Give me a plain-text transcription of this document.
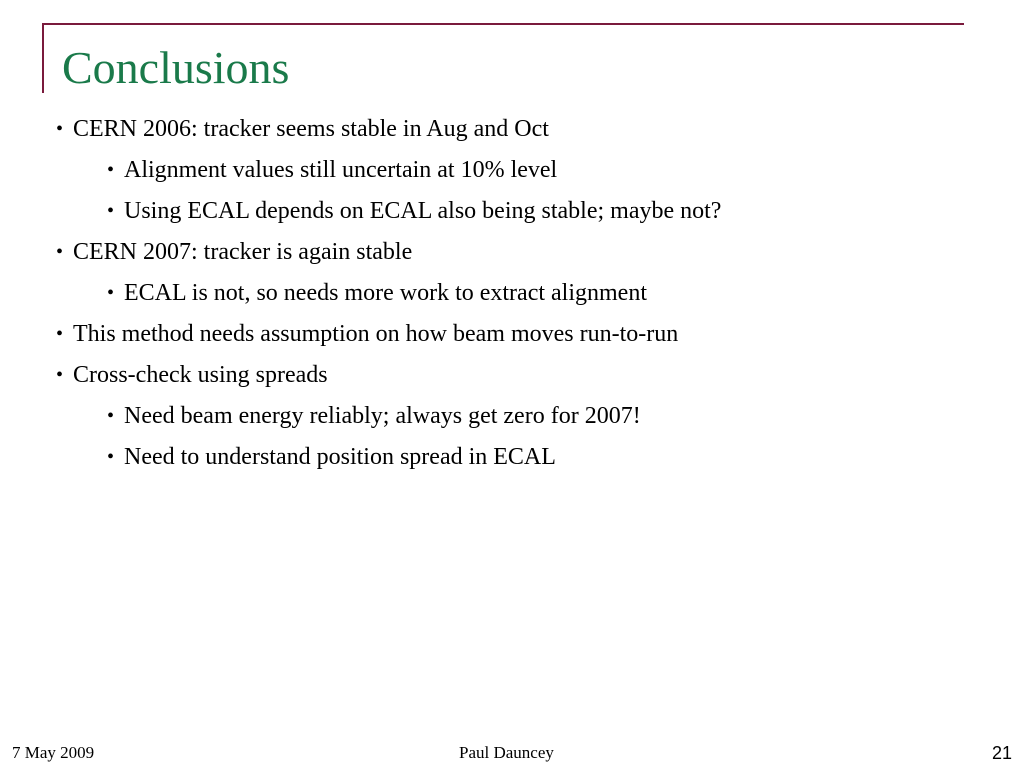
Conclusions
• CERN 2006: tracker seems stable in Aug and Oct
• Alignment values still uncertain at 10% level
• Using ECAL depends on ECAL also being stable; maybe not?
• CERN 2007: tracker is again stable
• ECAL is not, so needs more work to extract alignment
• This method needs assumption on how beam moves run-to-run
• Cross-check using spreads
• Need beam energy reliably; always get zero for 2007!
• Need to understand position spread in ECAL
7 May 2009	Paul Dauncey	21
